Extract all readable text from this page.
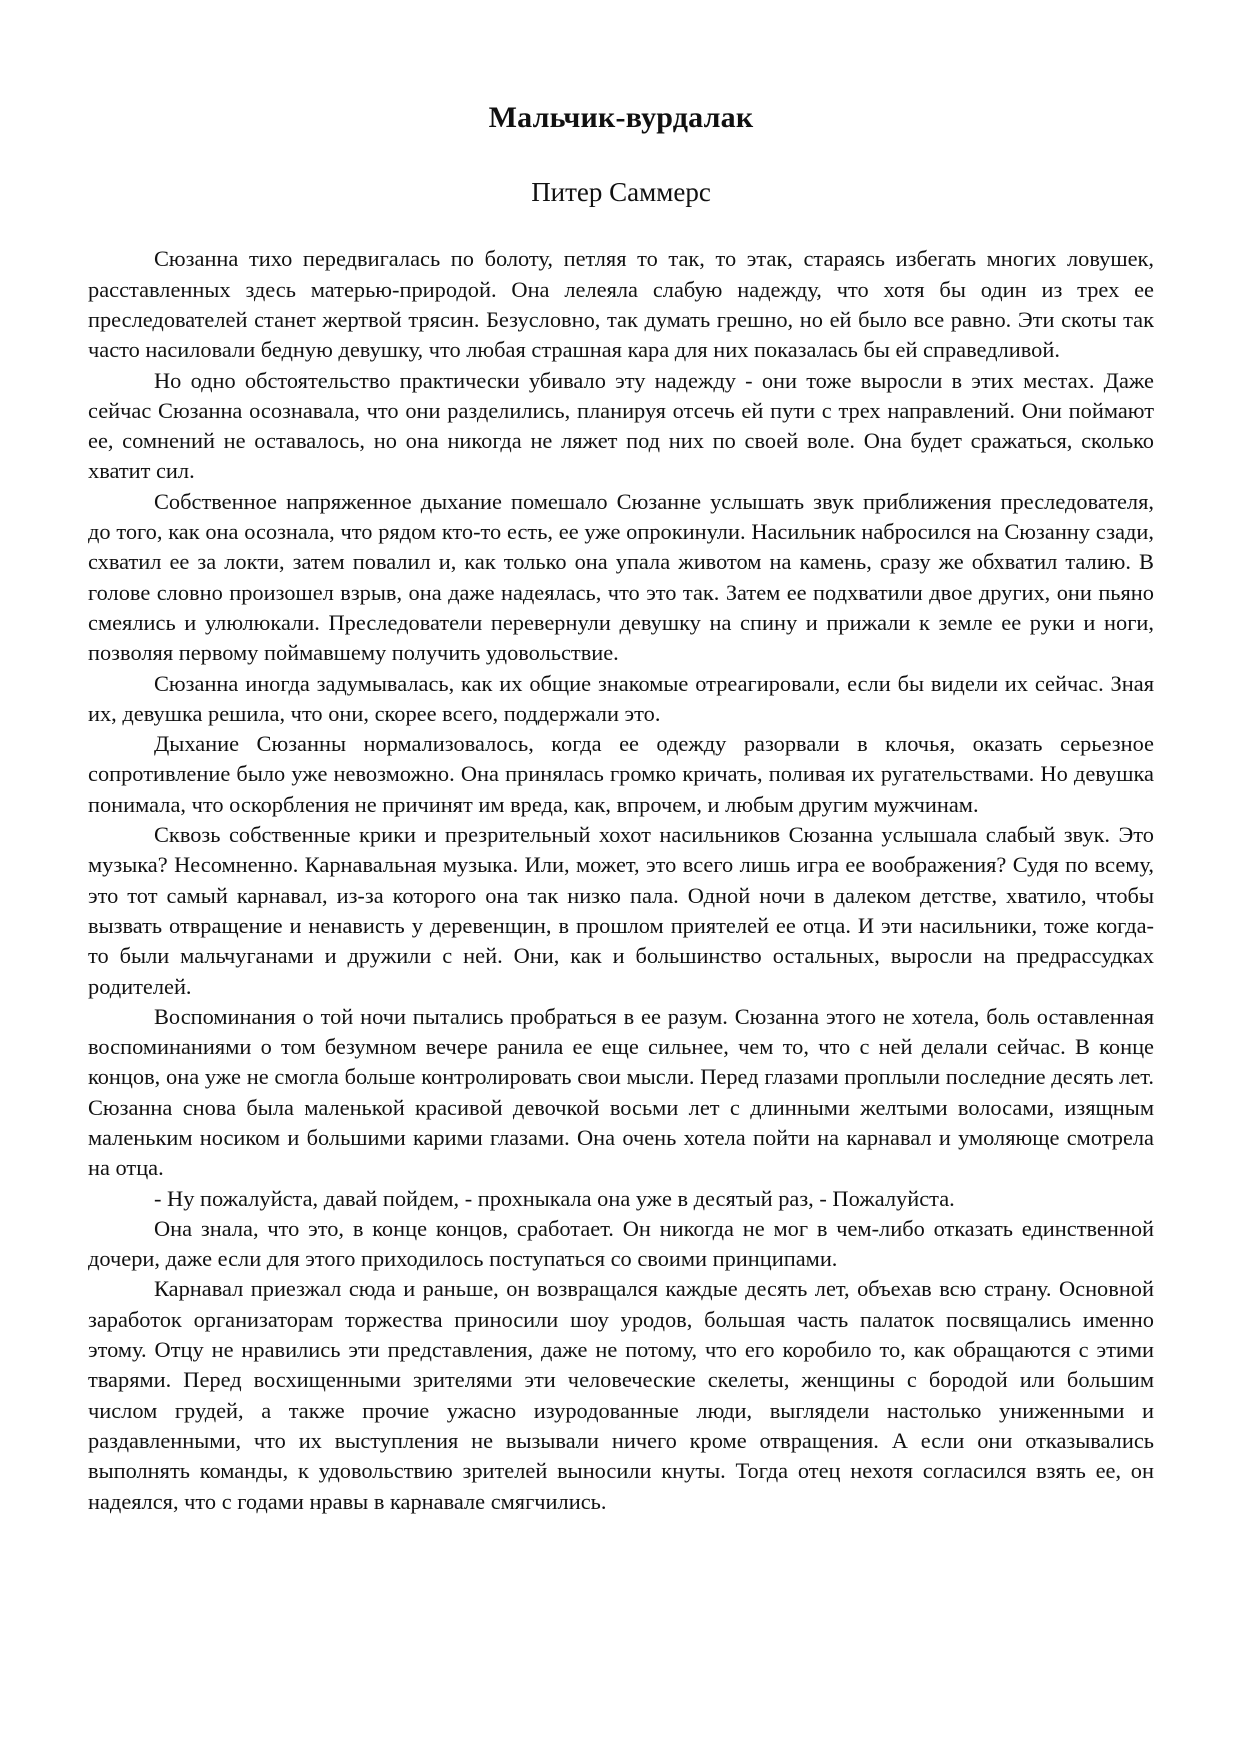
Мальчик-вурдалак

Питер Саммерс

Сюзанна тихо передвигалась по болоту, петляя то так, то этак, стараясь избегать многих ловушек, расставленных здесь матерью-природой. Она лелеяла слабую надежду, что хотя бы один из трех ее преследователей станет жертвой трясин. Безусловно, так думать грешно, но ей было все равно. Эти скоты так часто насиловали бедную девушку, что любая страшная кара для них показалась бы ей справедливой.

Но одно обстоятельство практически убивало эту надежду - они тоже выросли в этих местах. Даже сейчас Сюзанна осознавала, что они разделились, планируя отсечь ей пути с трех направлений. Они поймают ее, сомнений не оставалось, но она никогда не ляжет под них по своей воле. Она будет сражаться, сколько хватит сил.

Собственное напряженное дыхание помешало Сюзанне услышать звук приближения преследователя, до того, как она осознала, что рядом кто-то есть, ее уже опрокинули. Насильник набросился на Сюзанну сзади, схватил ее за локти, затем повалил и, как только она упала животом на камень, сразу же обхватил талию. В голове словно произошел взрыв, она даже надеялась, что это так. Затем ее подхватили двое других, они пьяно смеялись и улюлюкали. Преследователи перевернули девушку на спину и прижали к земле ее руки и ноги, позволяя первому поймавшему получить удовольствие.

Сюзанна иногда задумывалась, как их общие знакомые отреагировали, если бы видели их сейчас. Зная их, девушка решила, что они, скорее всего, поддержали это.

Дыхание Сюзанны нормализовалось, когда ее одежду разорвали в клочья, оказать серьезное сопротивление было уже невозможно. Она принялась громко кричать, поливая их ругательствами. Но девушка понимала, что оскорбления не причинят им вреда, как, впрочем, и любым другим мужчинам.

Сквозь собственные крики и презрительный хохот насильников Сюзанна услышала слабый звук. Это музыка? Несомненно. Карнавальная музыка. Или, может, это всего лишь игра ее воображения? Судя по всему, это тот самый карнавал, из-за которого она так низко пала. Одной ночи в далеком детстве, хватило, чтобы вызвать отвращение и ненависть у деревенщин, в прошлом приятелей ее отца. И эти насильники, тоже когда-то были мальчуганами и дружили с ней. Они, как и большинство остальных, выросли на предрассудках родителей.

Воспоминания о той ночи пытались пробраться в ее разум. Сюзанна этого не хотела, боль оставленная воспоминаниями о том безумном вечере ранила ее еще сильнее, чем то, что с ней делали сейчас. В конце концов, она уже не смогла больше контролировать свои мысли. Перед глазами проплыли последние десять лет. Сюзанна снова была маленькой красивой девочкой восьми лет с длинными желтыми волосами, изящным маленьким носиком и большими карими глазами. Она очень хотела пойти на карнавал и умоляюще смотрела на отца.

- Ну пожалуйста, давай пойдем, - прохныкала она уже в десятый раз, - Пожалуйста.

Она знала, что это, в конце концов, сработает. Он никогда не мог в чем-либо отказать единственной дочери, даже если для этого приходилось поступаться со своими принципами.

Карнавал приезжал сюда и раньше, он возвращался каждые десять лет, объехав всю страну. Основной заработок организаторам торжества приносили шоу уродов, большая часть палаток посвящались именно этому. Отцу не нравились эти представления, даже не потому, что его коробило то, как обращаются с этими тварями. Перед восхищенными зрителями эти человеческие скелеты, женщины с бородой или большим числом грудей, а также прочие ужасно изуродованные люди, выглядели настолько униженными и раздавленными, что их выступления не вызывали ничего кроме отвращения. А если они отказывались выполнять команды, к удовольствию зрителей выносили кнуты. Тогда отец нехотя согласился взять ее, он надеялся, что с годами нравы в карнавале смягчились.
